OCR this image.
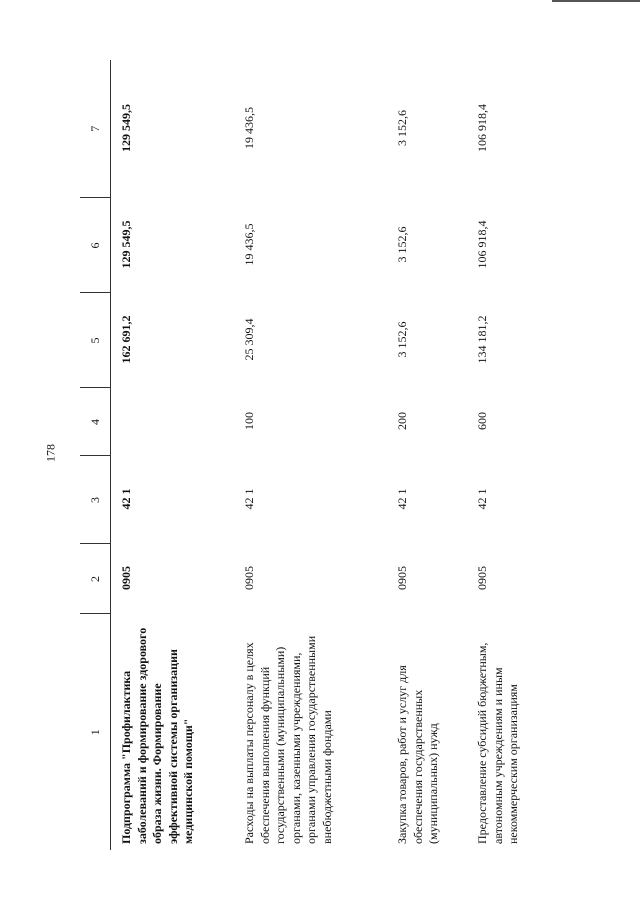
178
1	2	3	4	5	6	7
Подпрограмма "Профилактика заболеваний и формирование здорового образа жизни. Формирование эффективной системы организации медицинской помощи"	0905	42 1		162 691,2	129 549,5	129 549,5
Расходы на выплаты персоналу в целях обеспечения выполнения функций государственными (муниципальными) органами, казенными учреждениями, органами управления государственными внебюджетными фондами	0905	42 1	100	25 309,4	19 436,5	19 436,5
Закупка товаров, работ и услуг для обеспечения государственных (муниципальных) нужд	0905	42 1	200	3 152,6	3 152,6	3 152,6
Предоставление субсидий бюджетным, автономным учреждениям и иным некоммерческим организациям	0905	42 1	600	134 181,2	106 918,4	106 918,4
